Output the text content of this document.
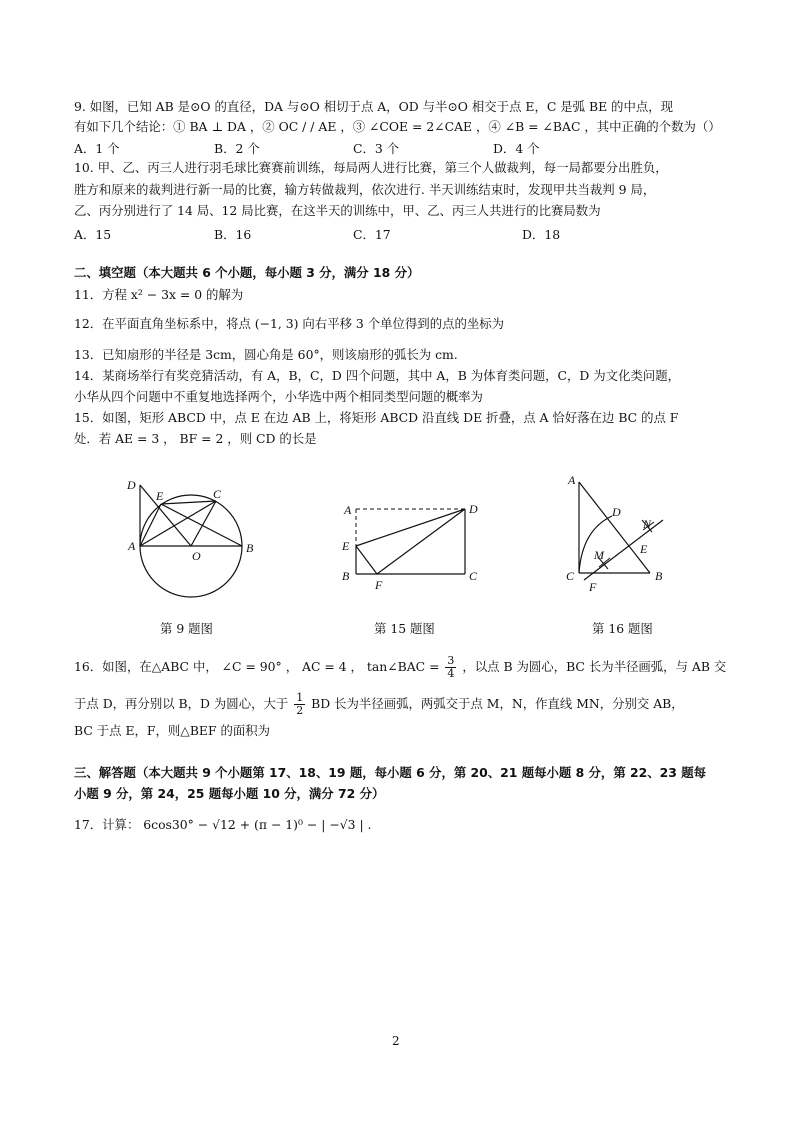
9. 如图，已知 AB 是⊙O 的直径，DA 与⊙O 相切于点 A，OD 与半⊙O 相交于点 E，C 是弧 BE 的中点，现
有如下几个结论：① BA ⊥ DA ，② OC / / AE ，③ ∠COE = 2∠CAE ，④ ∠B = ∠BAC ，其中正确的个数为（）
A．1 个	B．2 个	C．3 个	D．4 个
10. 甲、乙、丙三人进行羽毛球比赛赛前训练，每局两人进行比赛，第三个人做裁判，每一局都要分出胜负，
胜方和原来的裁判进行新一局的比赛，输方转做裁判，依次进行. 半天训练结束时，发现甲共当裁判 9 局，
乙、丙分别进行了 14 局、12 局比赛，在这半天的训练中，甲、乙、丙三人共进行的比赛局数为
A．15	B．16	C．17	D．18
二、填空题（本大题共 6 个小题，每小题 3 分，满分 18 分）
11．方程 x² − 3x = 0 的解为
12．在平面直角坐标系中，将点 (−1, 3) 向右平移 3 个单位得到的点的坐标为
13．已知扇形的半径是 3cm，圆心角是 60°，则该扇形的弧长为 cm.
14．某商场举行有奖竞猜活动，有 A，B，C，D 四个问题，其中 A，B 为体育类问题，C，D 为文化类问题，
小华从四个问题中不重复地选择两个，小华选中两个相同类型问题的概率为
15．如图，矩形 ABCD 中，点 E 在边 AB 上，将矩形 ABCD 沿直线 DE 折叠，点 A 恰好落在边 BC 的点 F
处．若 AE = 3 ， BF = 2 ，则 CD 的长是
D
E	C
A
O
B
第 9 题图
A	D
E
B
F
C
第 15 题图
A
D
N
E
M
C
F
B
第 16 题图
16．如图，在△ABC 中， ∠C = 90° ， AC = 4 ， tan∠BAC = $\frac{3}{4}$ ，以点 B 为圆心，BC 长为半径画弧，与 AB 交
于点 D，再分别以 B，D 为圆心，大于 $\frac{1}{2}$ BD 长为半径画弧，两弧交于点 M，N，作直线 MN，分别交 AB，
BC 于点 E，F，则△BEF 的面积为
三、解答题（本大题共 9 个小题第 17、18、19 题，每小题 6 分，第 20、21 题每小题 8 分，第 22、23 题每
小题 9 分，第 24，25 题每小题 10 分，满分 72 分）
17．计算： 6cos30° − √12 + (π − 1)⁰ − | −√3 | .
2
